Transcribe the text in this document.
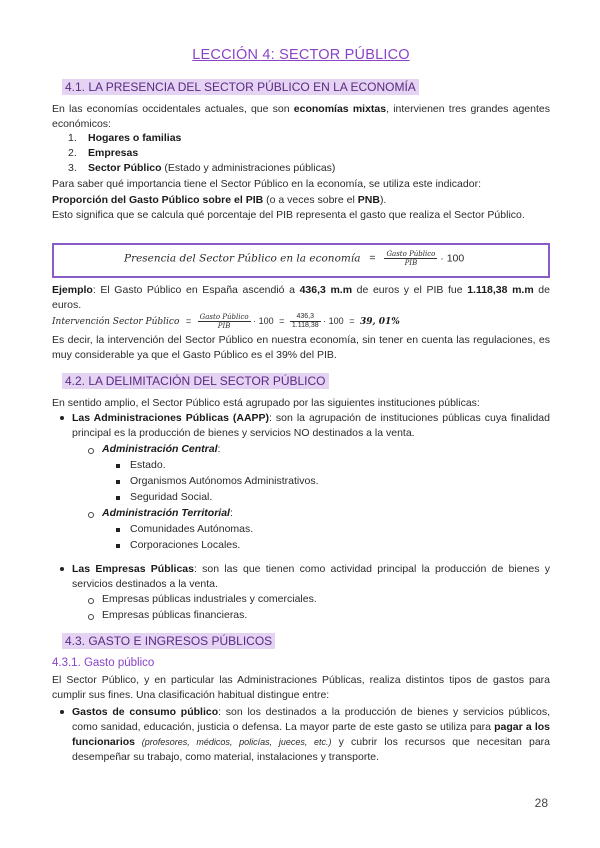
LECCIÓN 4: SECTOR PÚBLICO
4.1. LA PRESENCIA DEL SECTOR PÚBLICO EN LA ECONOMÍA
En las economías occidentales actuales, que son economías mixtas, intervienen tres grandes agentes económicos:
1. Hogares o familias
2. Empresas
3. Sector Público (Estado y administraciones públicas)
Para saber qué importancia tiene el Sector Público en la economía, se utiliza este indicador:
Proporción del Gasto Público sobre el PIB (o a veces sobre el PNB).
Esto significa que se calcula qué porcentaje del PIB representa el gasto que realiza el Sector Público.
Presencia del Sector Público en la economía = $\frac{\text{Gasto Público}}{\text{PIB}} \cdot 100$
Ejemplo: El Gasto Público en España ascendió a 436,3 m.m de euros y el PIB fue 1.118,38 m.m de euros.
Intervención Sector Público = $\frac{\text{Gasto Público}}{\text{PIB}} \cdot 100 = \frac{436,3}{1.118,38} \cdot 100 = 39$, 01%
Es decir, la intervención del Sector Público en nuestra economía, sin tener en cuenta las regulaciones, es muy considerable ya que el Gasto Público es el 39% del PIB.
4.2. LA DELIMITACIÓN DEL SECTOR PÚBLICO
En sentido amplio, el Sector Público está agrupado por las siguientes instituciones públicas:
Las Administraciones Públicas (AAPP): son la agrupación de instituciones públicas cuya finalidad principal es la producción de bienes y servicios NO destinados a la venta.
Administración Central:
Estado.
Organismos Autónomos Administrativos.
Seguridad Social.
Administración Territorial:
Comunidades Autónomas.
Corporaciones Locales.
Las Empresas Públicas: son las que tienen como actividad principal la producción de bienes y servicios destinados a la venta.
Empresas públicas industriales y comerciales.
Empresas públicas financieras.
4.3. GASTO E INGRESOS PÚBLICOS
4.3.1. Gasto público
El Sector Público, y en particular las Administraciones Públicas, realiza distintos tipos de gastos para cumplir sus fines. Una clasificación habitual distingue entre:
Gastos de consumo público: son los destinados a la producción de bienes y servicios públicos, como sanidad, educación, justicia o defensa. La mayor parte de este gasto se utiliza para pagar a los funcionarios (profesores, médicos, policías, jueces, etc.) y cubrir los recursos que necesitan para desempeñar su trabajo, como material, instalaciones y transporte.
28
